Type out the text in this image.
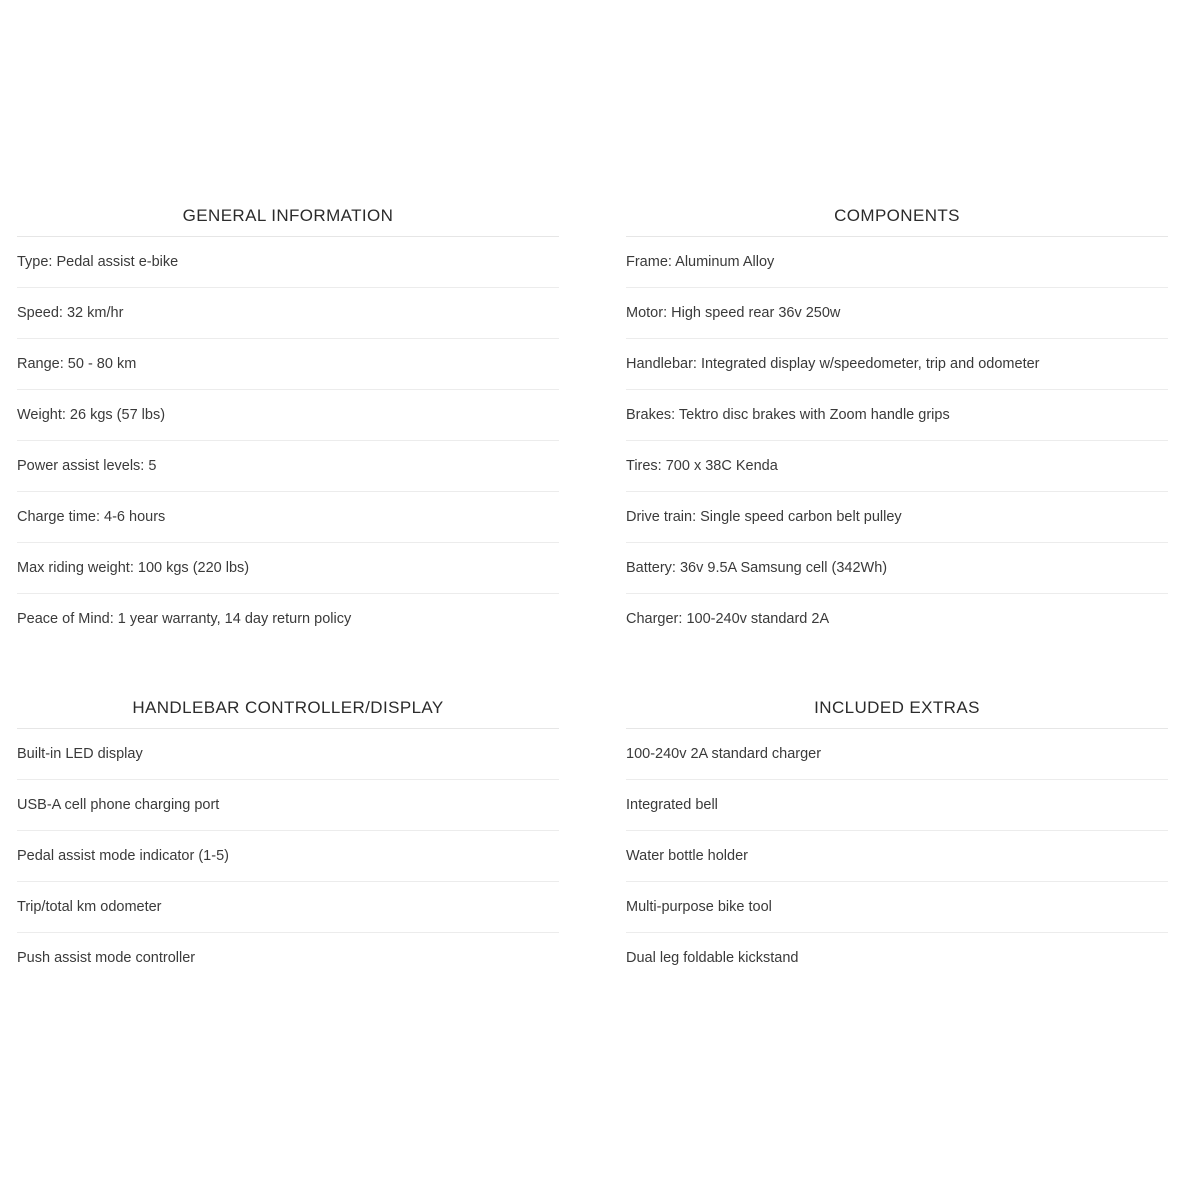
GENERAL INFORMATION
Type: Pedal assist e-bike
Speed: 32 km/hr
Range: 50 - 80 km
Weight: 26 kgs (57 lbs)
Power assist levels: 5
Charge time: 4-6 hours
Max riding weight: 100 kgs (220 lbs)
Peace of Mind: 1 year warranty, 14 day return policy
COMPONENTS
Frame: Aluminum Alloy
Motor: High speed rear 36v 250w
Handlebar: Integrated display w/speedometer, trip and odometer
Brakes: Tektro disc brakes with Zoom handle grips
Tires: 700 x 38C Kenda
Drive train: Single speed carbon belt pulley
Battery: 36v 9.5A Samsung cell (342Wh)
Charger: 100-240v standard 2A
HANDLEBAR CONTROLLER/DISPLAY
Built-in LED display
USB-A cell phone charging port
Pedal assist mode indicator (1-5)
Trip/total km odometer
Push assist mode controller
INCLUDED EXTRAS
100-240v 2A standard charger
Integrated bell
Water bottle holder
Multi-purpose bike tool
Dual leg foldable kickstand
